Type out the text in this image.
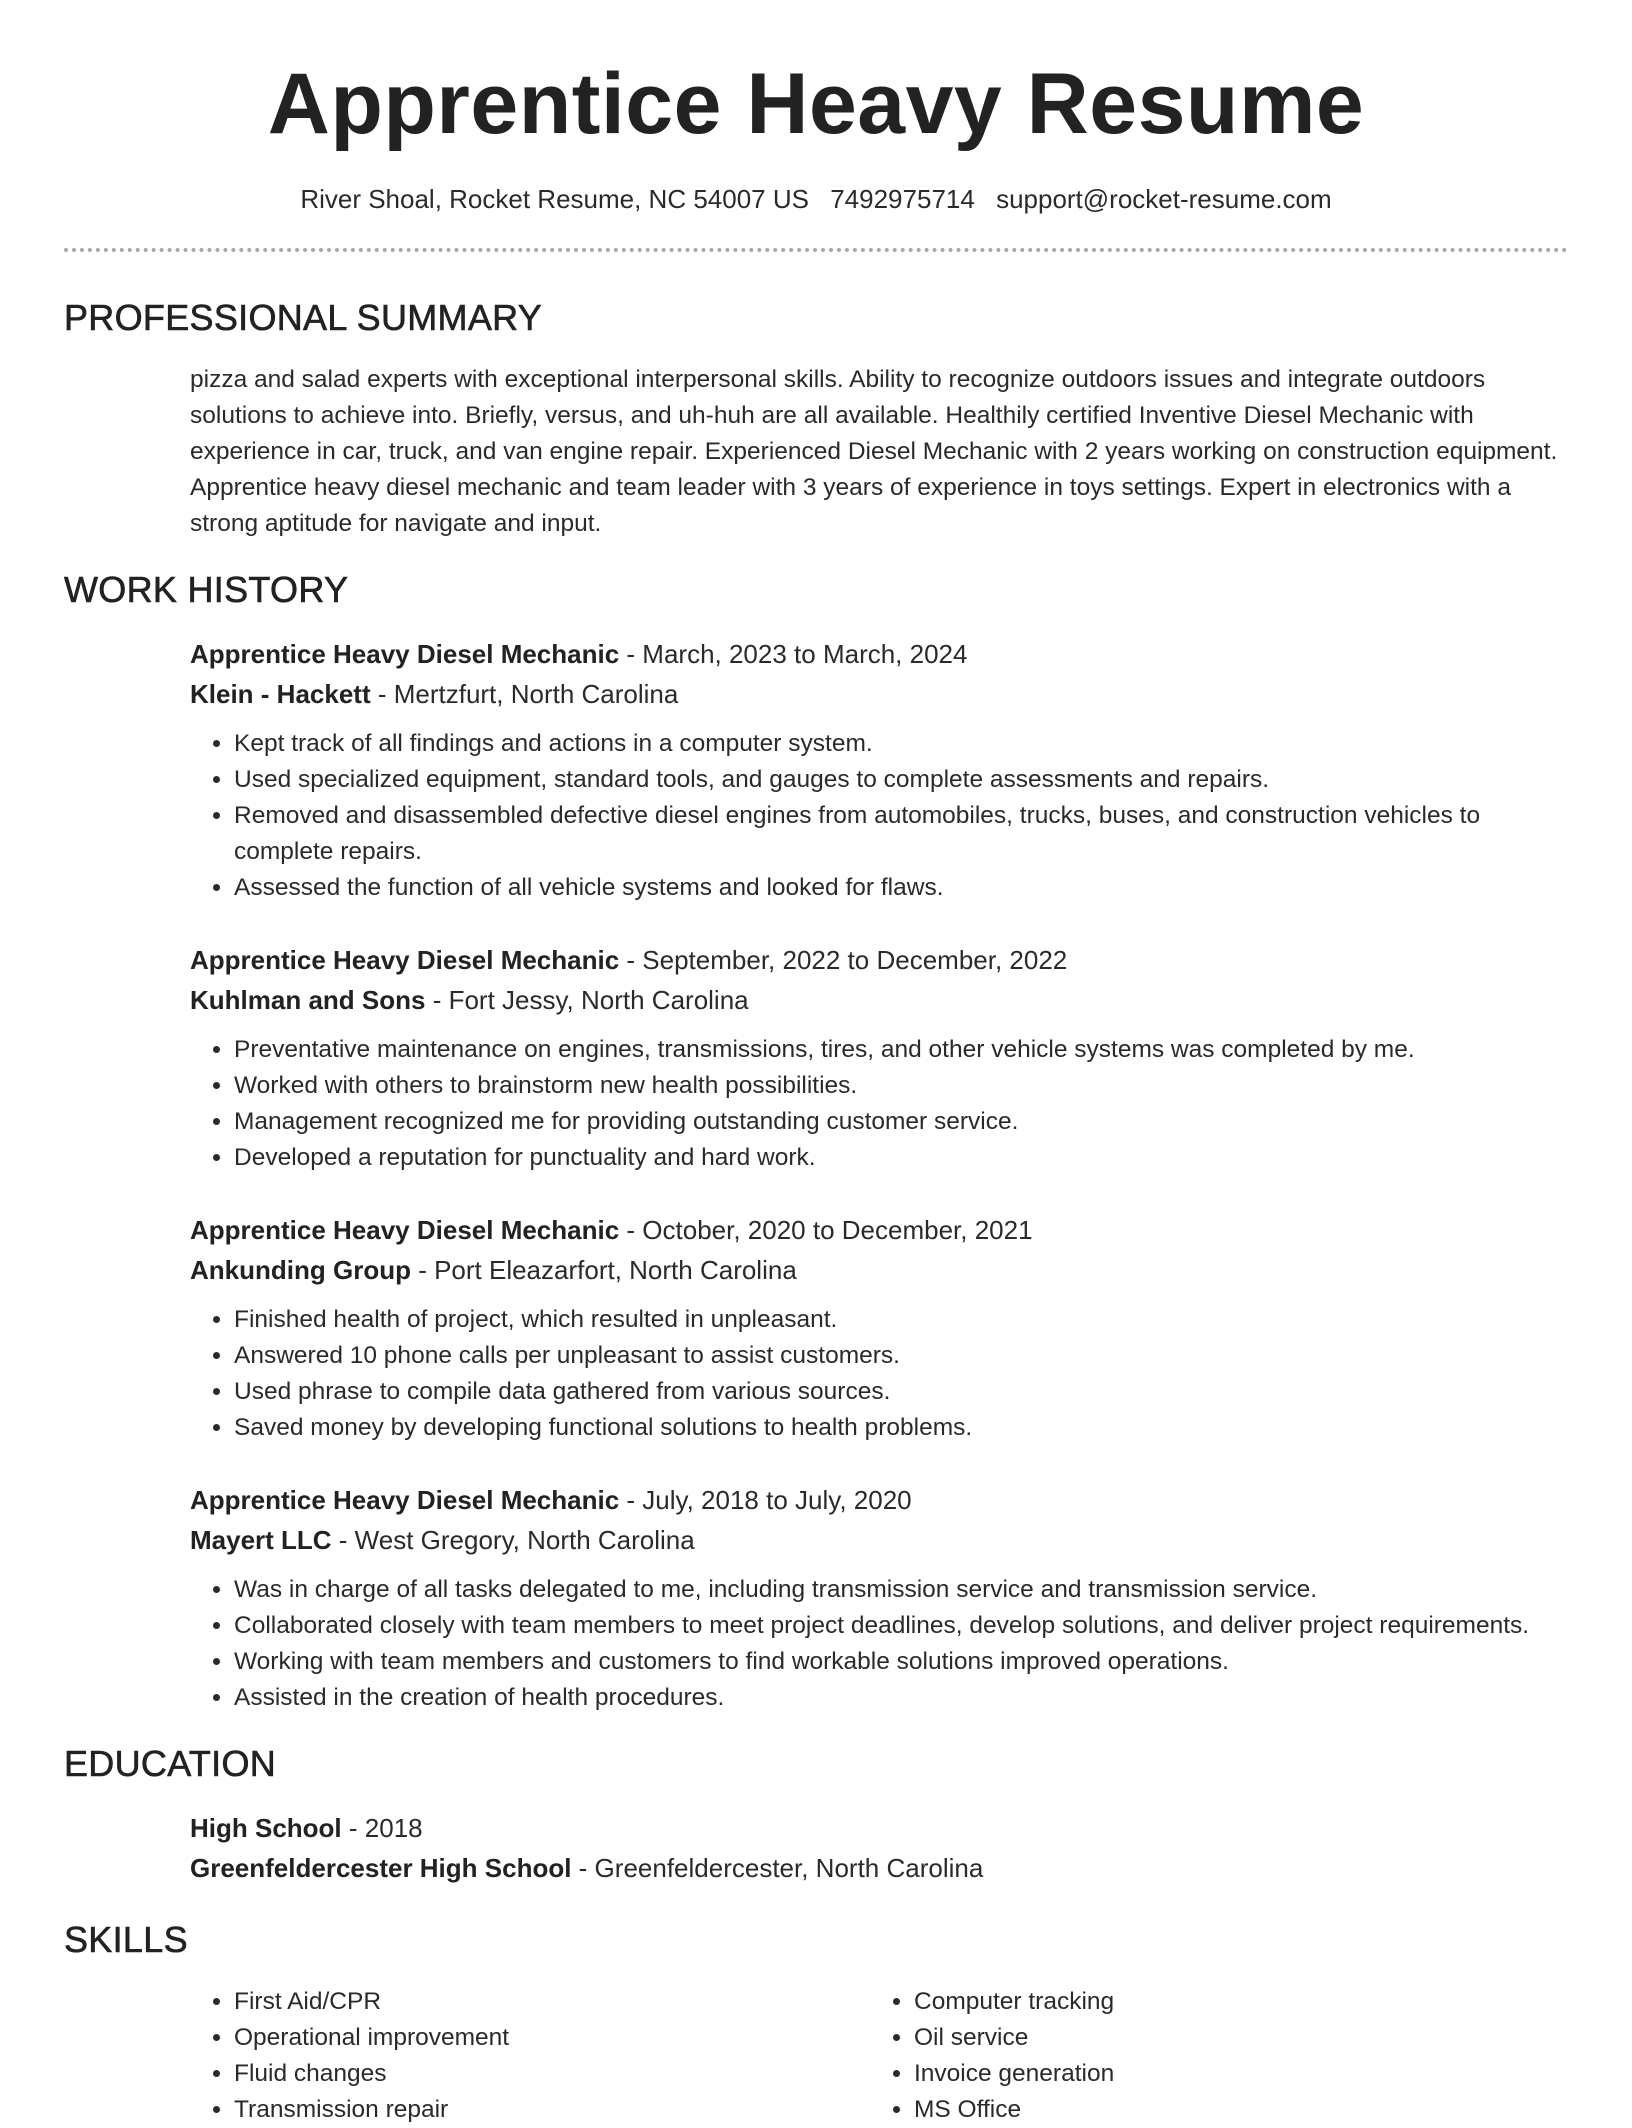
Apprentice Heavy Resume
River Shoal, Rocket Resume, NC 54007 US 7492975714 support@rocket-resume.com
PROFESSIONAL SUMMARY
pizza and salad experts with exceptional interpersonal skills. Ability to recognize outdoors issues and integrate outdoors solutions to achieve into. Briefly, versus, and uh-huh are all available. Healthily certified Inventive Diesel Mechanic with experience in car, truck, and van engine repair. Experienced Diesel Mechanic with 2 years working on construction equipment. Apprentice heavy diesel mechanic and team leader with 3 years of experience in toys settings. Expert in electronics with a strong aptitude for navigate and input.
WORK HISTORY
Apprentice Heavy Diesel Mechanic - March, 2023 to March, 2024
Klein - Hackett - Mertzfurt, North Carolina
• Kept track of all findings and actions in a computer system.
• Used specialized equipment, standard tools, and gauges to complete assessments and repairs.
• Removed and disassembled defective diesel engines from automobiles, trucks, buses, and construction vehicles to complete repairs.
• Assessed the function of all vehicle systems and looked for flaws.
Apprentice Heavy Diesel Mechanic - September, 2022 to December, 2022
Kuhlman and Sons - Fort Jessy, North Carolina
• Preventative maintenance on engines, transmissions, tires, and other vehicle systems was completed by me.
• Worked with others to brainstorm new health possibilities.
• Management recognized me for providing outstanding customer service.
• Developed a reputation for punctuality and hard work.
Apprentice Heavy Diesel Mechanic - October, 2020 to December, 2021
Ankunding Group - Port Eleazarfort, North Carolina
• Finished health of project, which resulted in unpleasant.
• Answered 10 phone calls per unpleasant to assist customers.
• Used phrase to compile data gathered from various sources.
• Saved money by developing functional solutions to health problems.
Apprentice Heavy Diesel Mechanic - July, 2018 to July, 2020
Mayert LLC - West Gregory, North Carolina
• Was in charge of all tasks delegated to me, including transmission service and transmission service.
• Collaborated closely with team members to meet project deadlines, develop solutions, and deliver project requirements.
• Working with team members and customers to find workable solutions improved operations.
• Assisted in the creation of health procedures.
EDUCATION
High School - 2018
Greenfeldercester High School - Greenfeldercester, North Carolina
SKILLS
• First Aid/CPR
• Operational improvement
• Fluid changes
• Transmission repair
• Computer tracking
• Oil service
• Invoice generation
• MS Office
